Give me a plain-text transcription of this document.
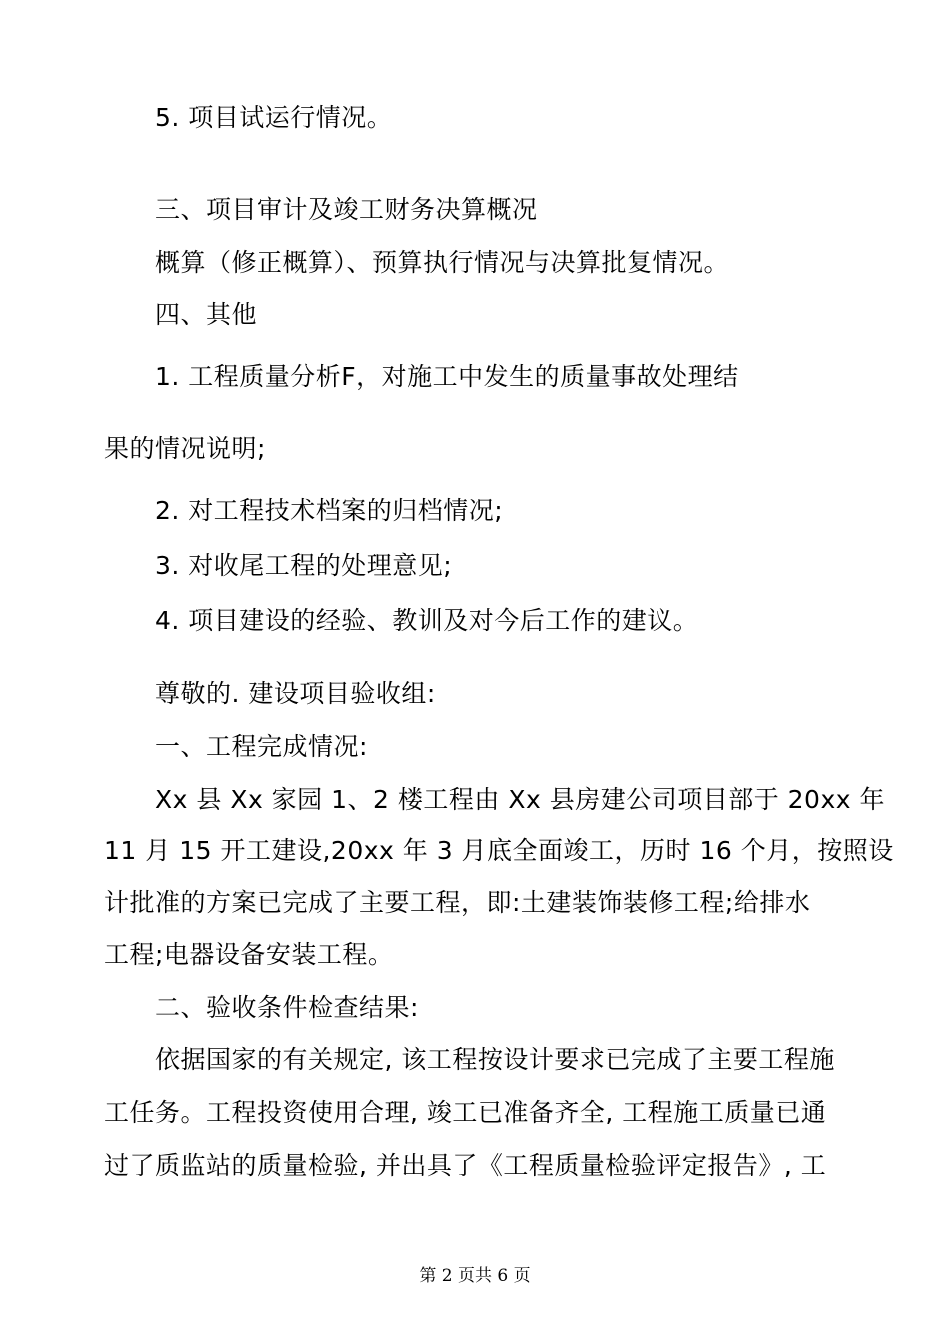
5. 项目试运行情况。

三、项目审计及竣工财务决算概况

概算（修正概算）、预算执行情况与决算批复情况。

四、其他

1. 工程质量分析F，对施工中发生的质量事故处理结

果的情况说明;

2. 对工程技术档案的归档情况;

3. 对收尾工程的处理意见;

4. 项目建设的经验、教训及对今后工作的建议。

尊敬的. 建设项目验收组:

一、工程完成情况:

Xx 县 Xx 家园 1、2 楼工程由 Xx 县房建公司项目部于 20xx 年

11 月 15 开工建设,20xx 年 3 月底全面竣工，历时 16 个月，按照设

计批准的方案已完成了主要工程，即:土建装饰装修工程;给排水

工程;电器设备安装工程。

二、验收条件检查结果:

依据国家的有关规定, 该工程按设计要求已完成了主要工程施

工任务。工程投资使用合理, 竣工已准备齐全, 工程施工质量已通

过了质监站的质量检验, 并出具了《工程质量检验评定报告》, 工

第 2 页共 6 页
